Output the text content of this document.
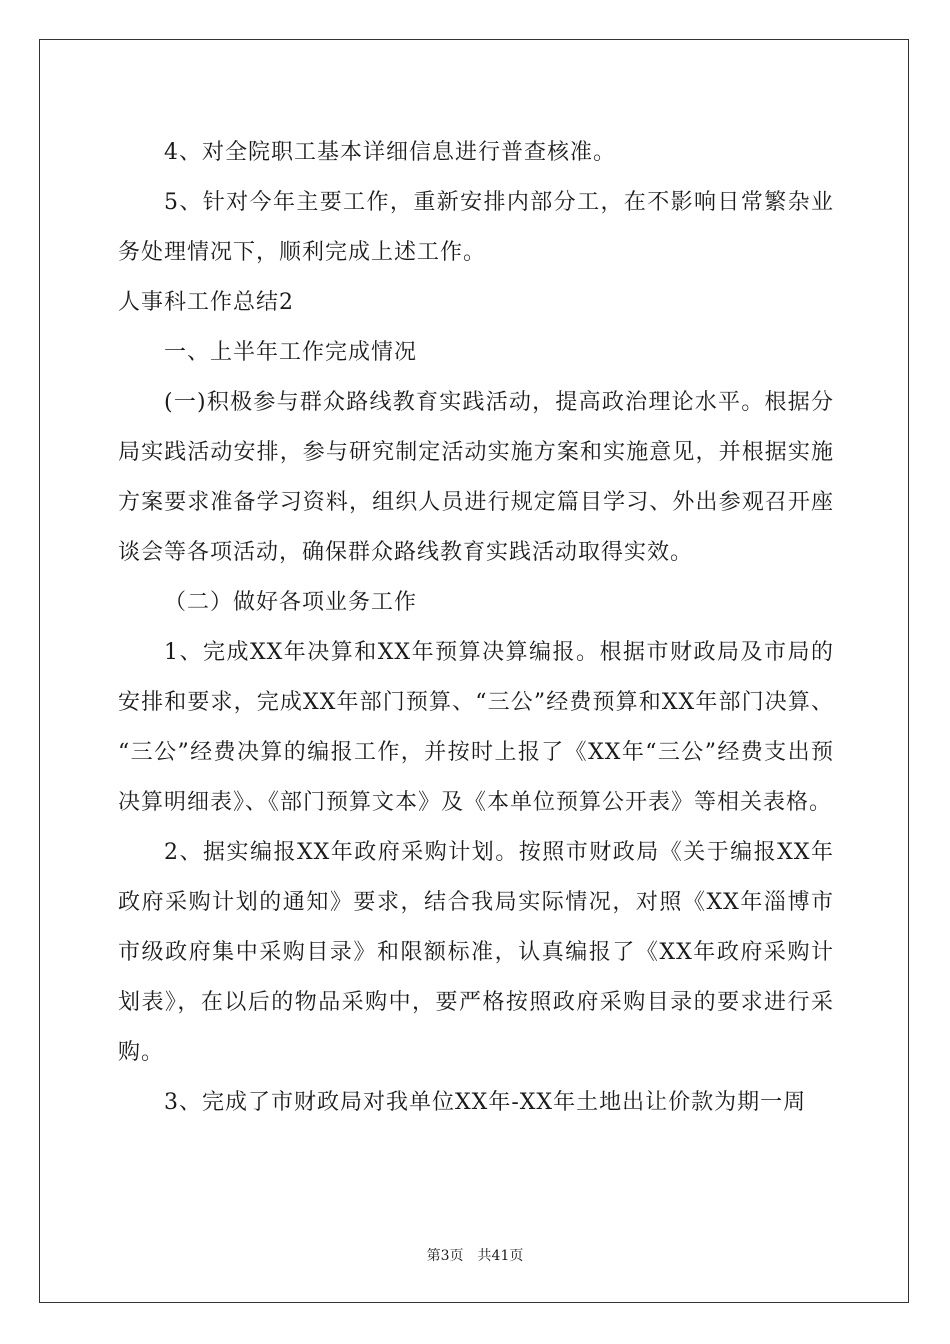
4、对全院职工基本详细信息进行普查核准。

5、针对今年主要工作，重新安排内部分工，在不影响日常繁杂业务处理情况下，顺利完成上述工作。

人事科工作总结2

一、上半年工作完成情况

(一)积极参与群众路线教育实践活动，提高政治理论水平。根据分局实践活动安排，参与研究制定活动实施方案和实施意见，并根据实施方案要求准备学习资料，组织人员进行规定篇目学习、外出参观召开座谈会等各项活动，确保群众路线教育实践活动取得实效。

（二）做好各项业务工作

1、完成XX年决算和XX年预算决算编报。根据市财政局及市局的安排和要求，完成XX年部门预算、“三公”经费预算和XX年部门决算、 “三公”经费决算的编报工作，并按时上报了《XX年“三公”经费支出预决算明细表》、《部门预算文本》及《本单位预算公开表》等相关表格。

2、据实编报XX年政府采购计划。按照市财政局《关于编报XX年政府采购计划的通知》要求，结合我局实际情况，对照《XX年淄博市市级政府集中采购目录》和限额标准，认真编报了《XX年政府采购计划表》，在以后的物品采购中，要严格按照政府采购目录的要求进行采购。

3、完成了市财政局对我单位XX年-XX年土地出让价款为期一周

第3页　共41页
